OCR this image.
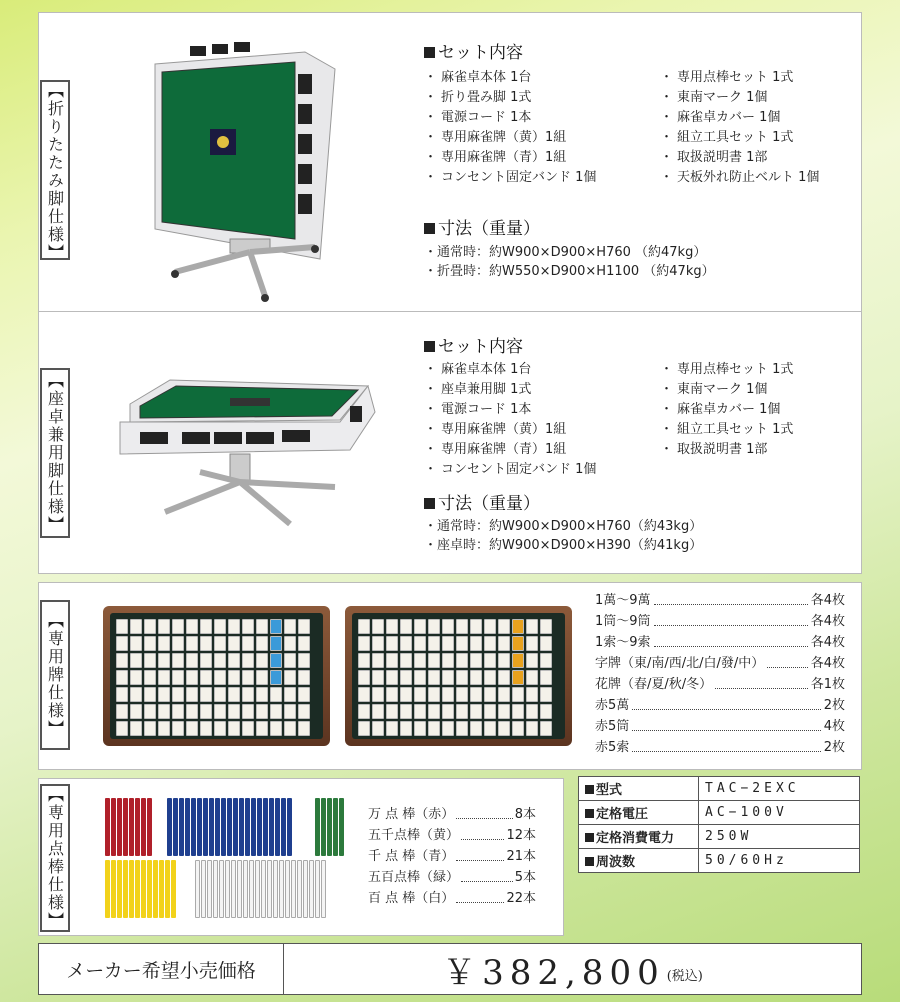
【折りたたみ脚仕様】
セット内容
・ 麻雀卓本体 1台
・ 折り畳み脚 1式
・ 電源コード 1本
・ 専用麻雀牌（黄）1組
・ 専用麻雀牌（青）1組
・ コンセント固定バンド 1個
・ 専用点棒セット 1式
・ 東南マーク 1個
・ 麻雀卓カバー 1個
・ 組立工具セット 1式
・ 取扱説明書 1部
・ 天板外れ防止ベルト 1個
寸法（重量）
・ 通常時：約W900×D900×H760 （約47kg）
・ 折畳時：約W550×D900×H1100 （約47kg）
【座卓兼用脚仕様】
セット内容
・ 麻雀卓本体 1台
・ 座卓兼用脚 1式
・ 電源コード 1本
・ 専用麻雀牌（黄）1組
・ 専用麻雀牌（青）1組
・ コンセント固定バンド 1個
・ 専用点棒セット 1式
・ 東南マーク 1個
・ 麻雀卓カバー 1個
・ 組立工具セット 1式
・ 取扱説明書 1部
寸法（重量）
・ 通常時：約W900×D900×H760（約43kg）
・ 座卓時：約W900×D900×H390（約41kg）
【専用牌仕様】
1萬〜9萬	各4枚
1筒〜9筒	各4枚
1索〜9索	各4枚
字牌（東/南/西/北/白/發/中）	各4枚
花牌（春/夏/秋/冬）	各1枚
赤5萬	2枚
赤5筒	4枚
赤5索	2枚
【専用点棒仕様】	万 点 棒（赤）	8本
五千点棒（黄）	12本
千 点 棒（青）	21本
五百点棒（緑）	5本
百 点 棒（白）	22本
型式	TAC−2EXC
定格電圧	AC−100V
定格消費電力	250W
周波数	50/60Hz
メーカー希望小売価格	￥382,800 (税込)
